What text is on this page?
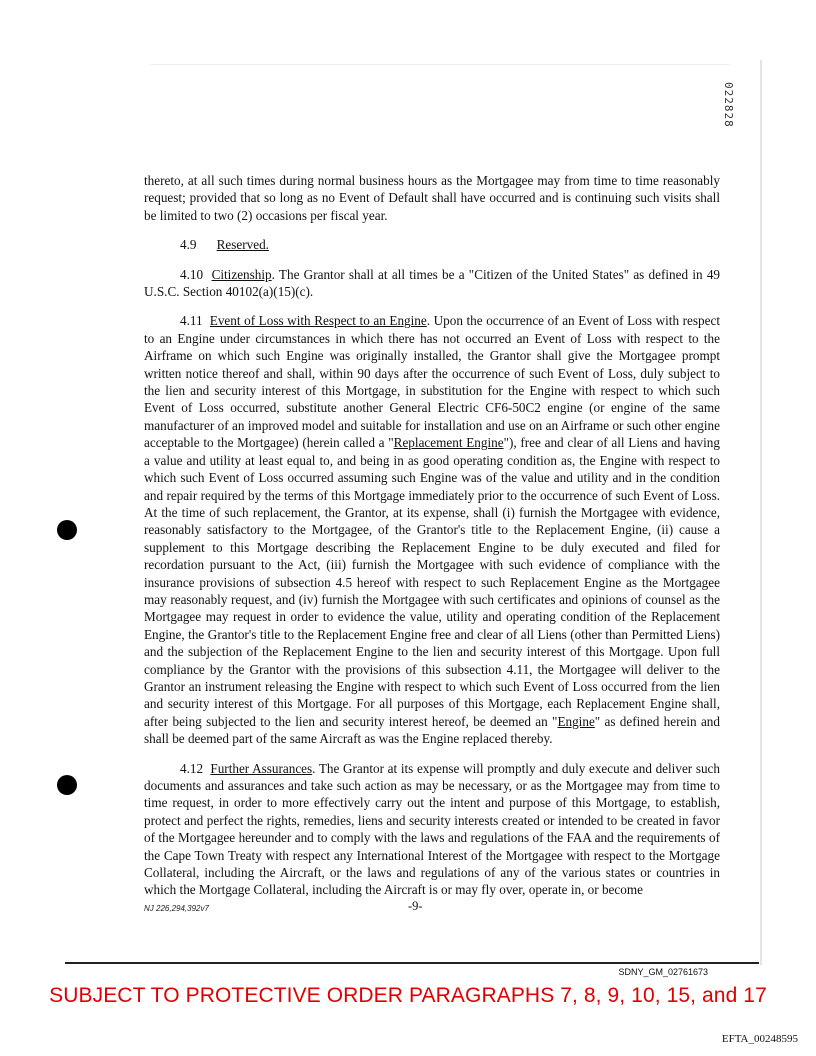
022828

thereto, at all such times during normal business hours as the Mortgagee may from time to time reasonably request; provided that so long as no Event of Default shall have occurred and is continuing such visits shall be limited to two (2) occasions per fiscal year.

4.9 Reserved.

4.10 Citizenship. The Grantor shall at all times be a "Citizen of the United States" as defined in 49 U.S.C. Section 40102(a)(15)(c).

4.11 Event of Loss with Respect to an Engine. Upon the occurrence of an Event of Loss with respect to an Engine under circumstances in which there has not occurred an Event of Loss with respect to the Airframe on which such Engine was originally installed, the Grantor shall give the Mortgagee prompt written notice thereof and shall, within 90 days after the occurrence of such Event of Loss, duly subject to the lien and security interest of this Mortgage, in substitution for the Engine with respect to which such Event of Loss occurred, substitute another General Electric CF6-50C2 engine (or engine of the same manufacturer of an improved model and suitable for installation and use on an Airframe or such other engine acceptable to the Mortgagee) (herein called a "Replacement Engine"), free and clear of all Liens and having a value and utility at least equal to, and being in as good operating condition as, the Engine with respect to which such Event of Loss occurred assuming such Engine was of the value and utility and in the condition and repair required by the terms of this Mortgage immediately prior to the occurrence of such Event of Loss. At the time of such replacement, the Grantor, at its expense, shall (i) furnish the Mortgagee with evidence, reasonably satisfactory to the Mortgagee, of the Grantor's title to the Replacement Engine, (ii) cause a supplement to this Mortgage describing the Replacement Engine to be duly executed and filed for recordation pursuant to the Act, (iii) furnish the Mortgagee with such evidence of compliance with the insurance provisions of subsection 4.5 hereof with respect to such Replacement Engine as the Mortgagee may reasonably request, and (iv) furnish the Mortgagee with such certificates and opinions of counsel as the Mortgagee may request in order to evidence the value, utility and operating condition of the Replacement Engine, the Grantor's title to the Replacement Engine free and clear of all Liens (other than Permitted Liens) and the subjection of the Replacement Engine to the lien and security interest of this Mortgage. Upon full compliance by the Grantor with the provisions of this subsection 4.11, the Mortgagee will deliver to the Grantor an instrument releasing the Engine with respect to which such Event of Loss occurred from the lien and security interest of this Mortgage. For all purposes of this Mortgage, each Replacement Engine shall, after being subjected to the lien and security interest hereof, be deemed an "Engine" as defined herein and shall be deemed part of the same Aircraft as was the Engine replaced thereby.

4.12 Further Assurances. The Grantor at its expense will promptly and duly execute and deliver such documents and assurances and take such action as may be necessary, or as the Mortgagee may from time to time request, in order to more effectively carry out the intent and purpose of this Mortgage, to establish, protect and perfect the rights, remedies, liens and security interests created or intended to be created in favor of the Mortgagee hereunder and to comply with the laws and regulations of the FAA and the requirements of the Cape Town Treaty with respect any International Interest of the Mortgagee with respect to the Mortgage Collateral, including the Aircraft, or the laws and regulations of any of the various states or countries in which the Mortgage Collateral, including the Aircraft is or may fly over, operate in, or become

NJ 226,294,392v7	-9-
SDNY_GM_02761673
SUBJECT TO PROTECTIVE ORDER PARAGRAPHS 7, 8, 9, 10, 15, and 17
EFTA_00248595
